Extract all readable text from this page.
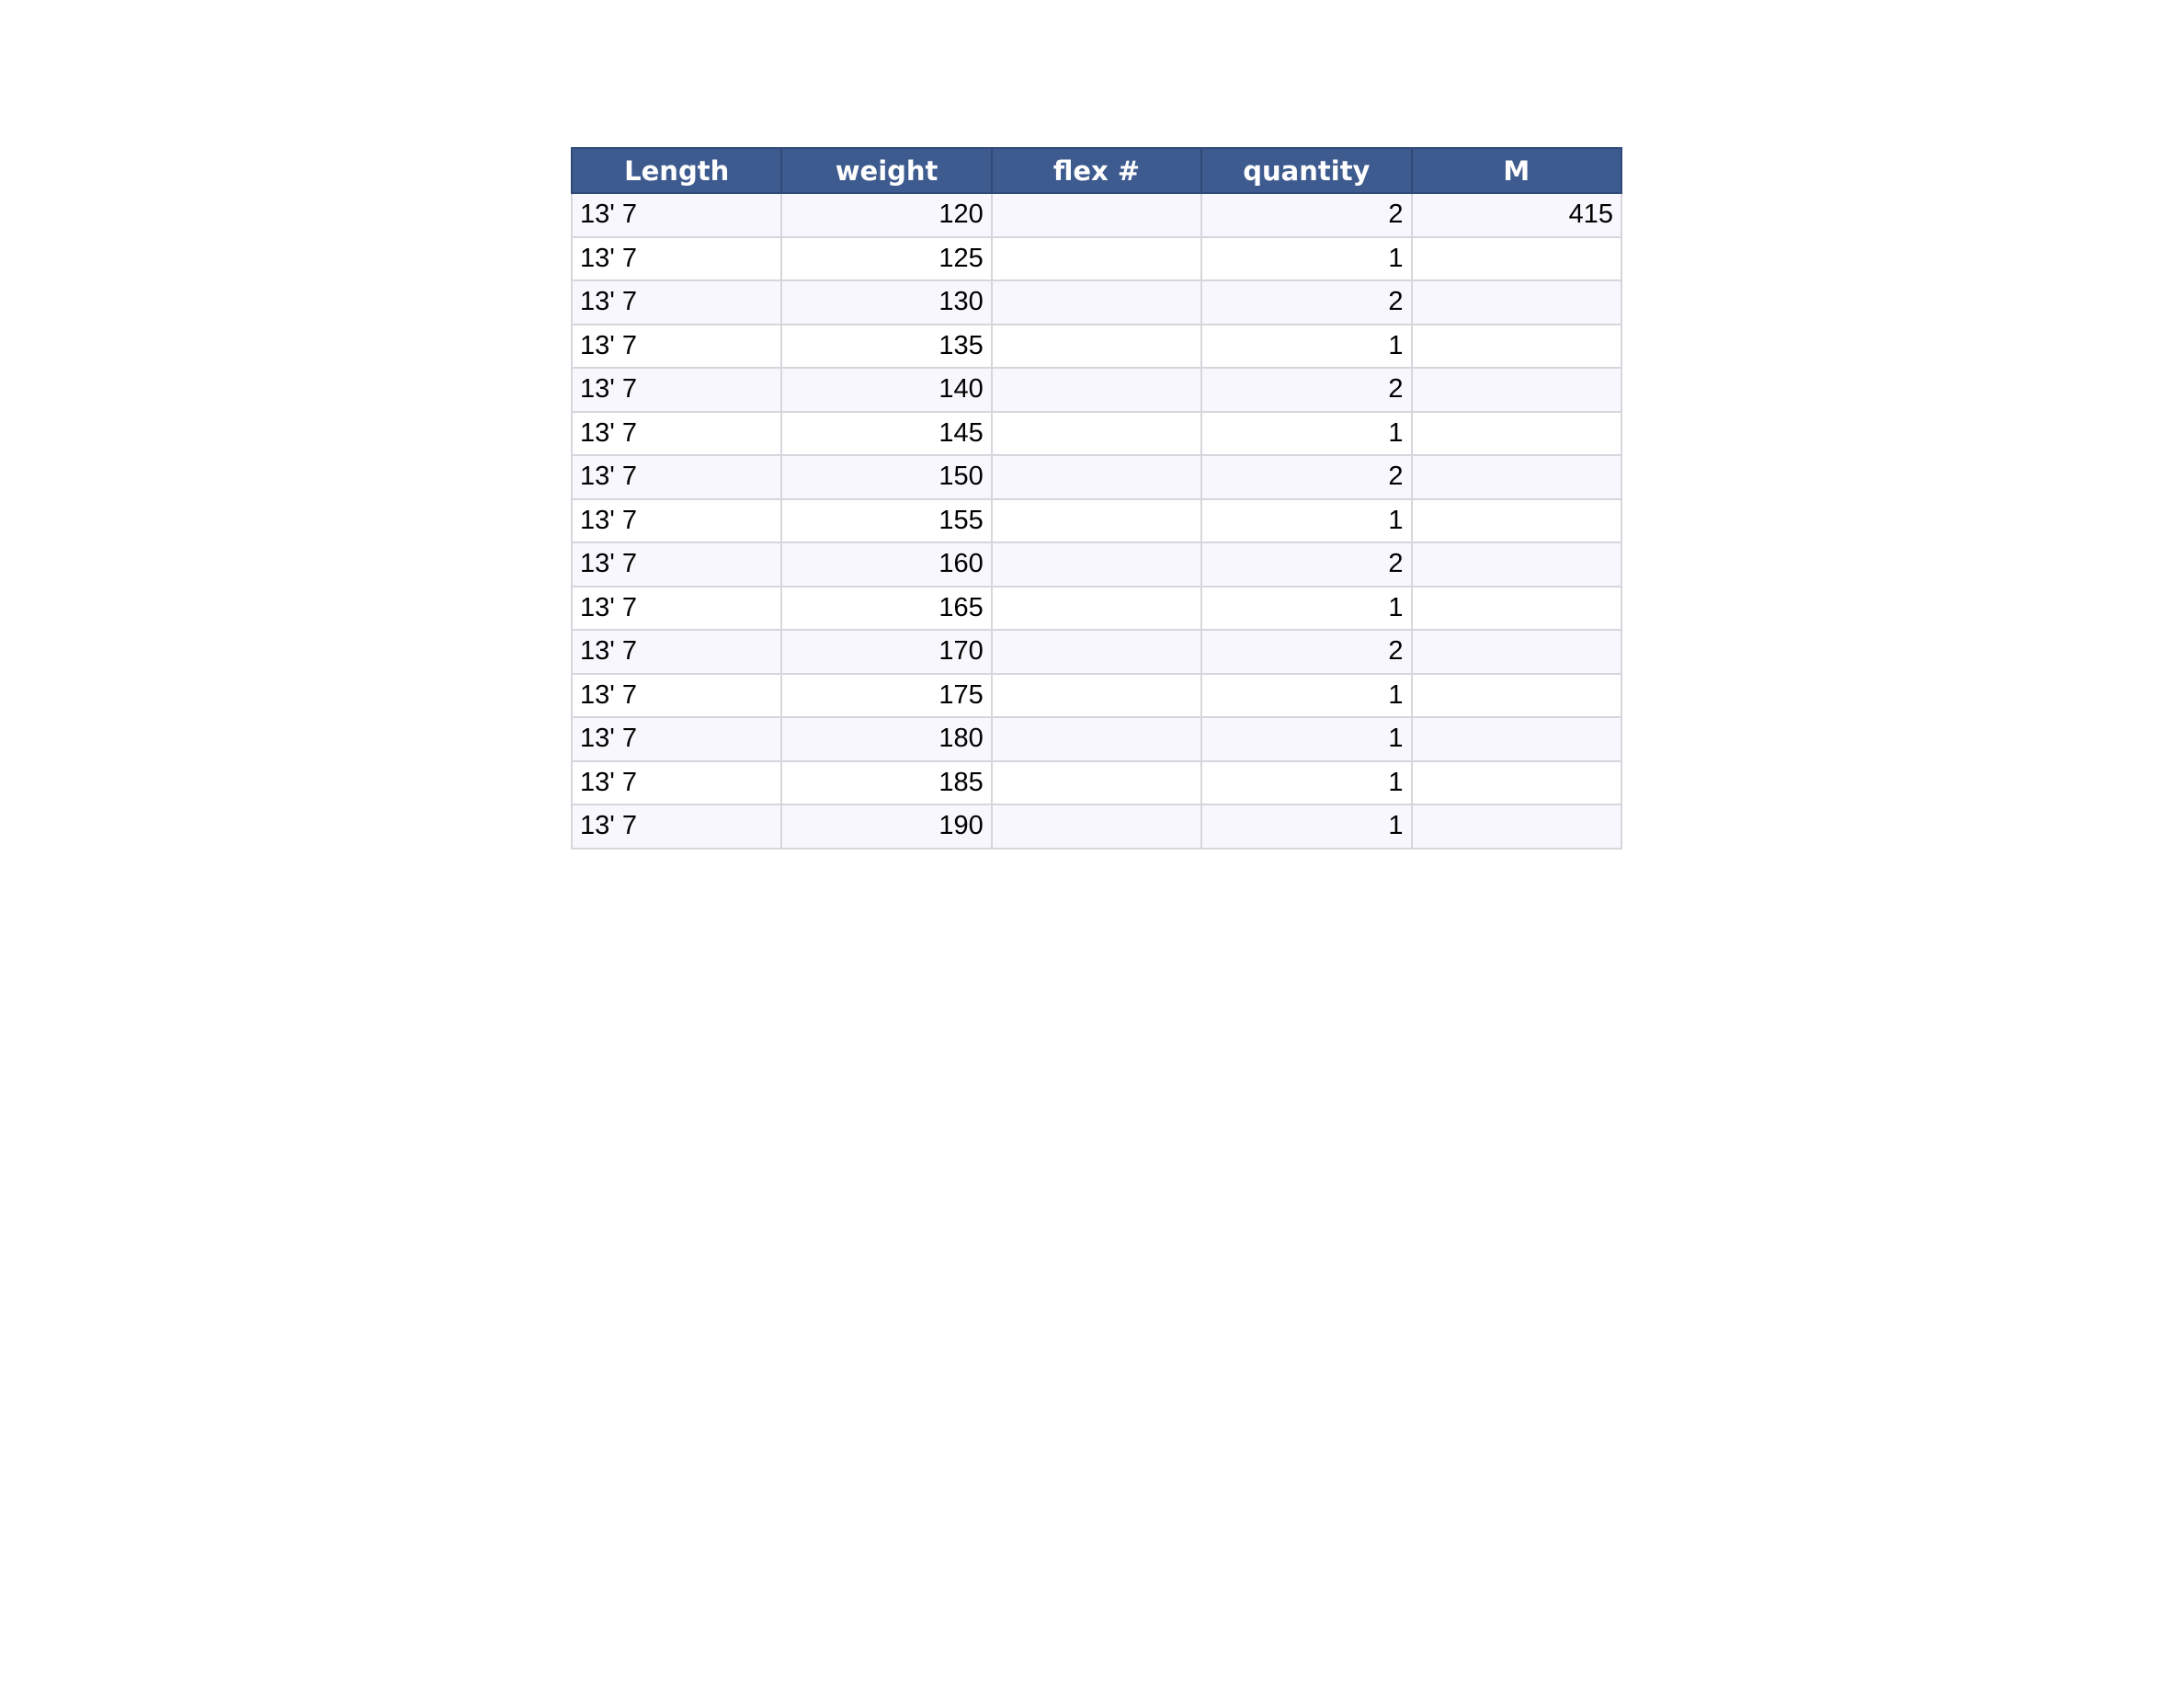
Length	weight	flex #	quantity	M
13' 7	120		2	415
13' 7	125		1	
13' 7	130		2	
13' 7	135		1	
13' 7	140		2	
13' 7	145		1	
13' 7	150		2	
13' 7	155		1	
13' 7	160		2	
13' 7	165		1	
13' 7	170		2	
13' 7	175		1	
13' 7	180		1	
13' 7	185		1	
13' 7	190		1	
